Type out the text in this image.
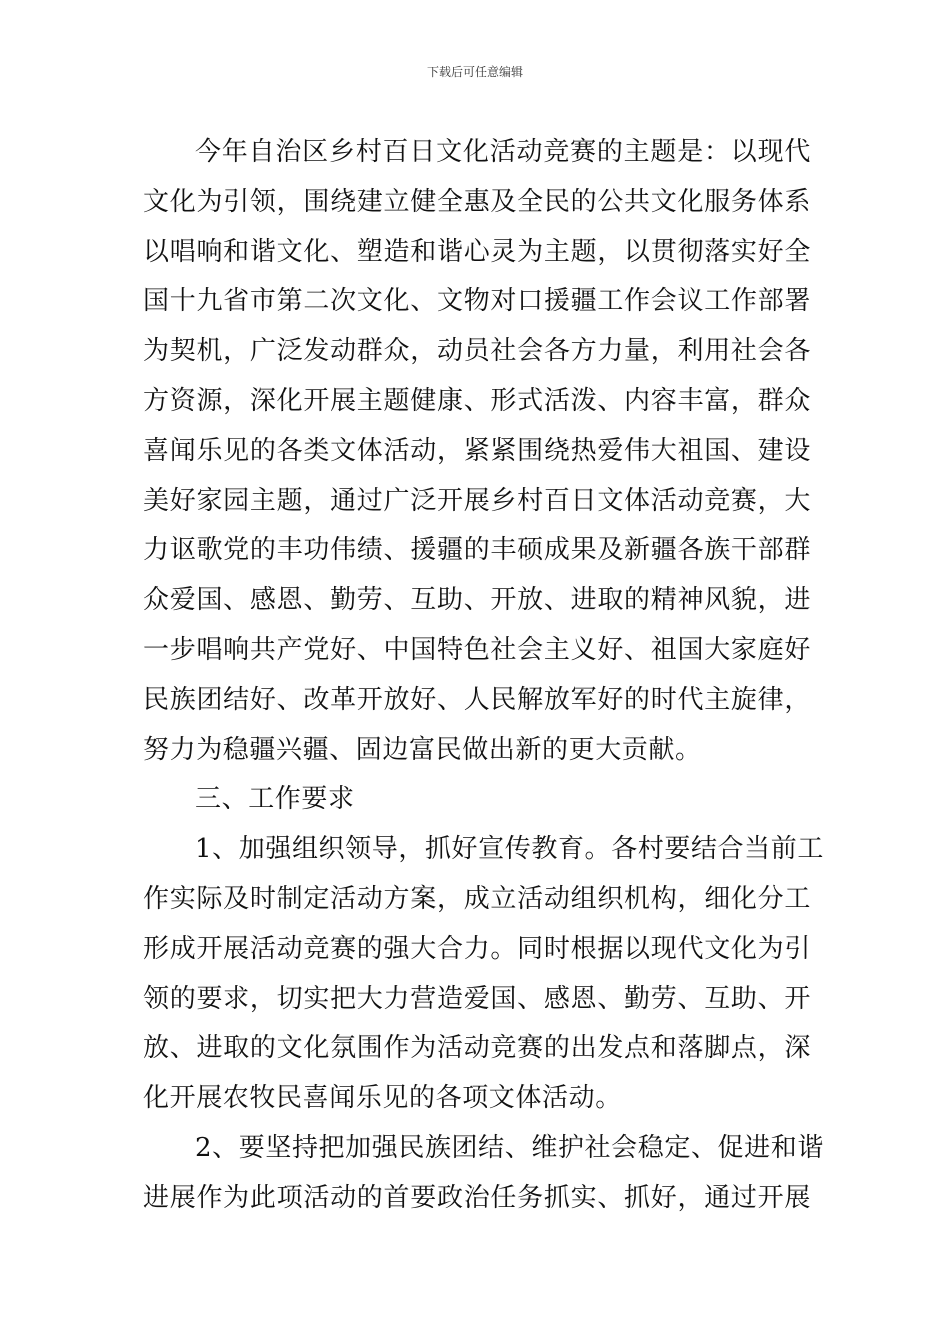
下载后可任意编辑
今年自治区乡村百日文化活动竞赛的主题是：以现代
文化为引领，围绕建立健全惠及全民的公共文化服务体系
以唱响和谐文化、塑造和谐心灵为主题，以贯彻落实好全
国十九省市第二次文化、文物对口援疆工作会议工作部署
为契机，广泛发动群众，动员社会各方力量，利用社会各
方资源，深化开展主题健康、形式活泼、内容丰富，群众
喜闻乐见的各类文体活动，紧紧围绕热爱伟大祖国、建设
美好家园主题，通过广泛开展乡村百日文体活动竞赛，大
力讴歌党的丰功伟绩、援疆的丰硕成果及新疆各族干部群
众爱国、感恩、勤劳、互助、开放、进取的精神风貌，进
一步唱响共产党好、中国特色社会主义好、祖国大家庭好
民族团结好、改革开放好、人民解放军好的时代主旋律，
努力为稳疆兴疆、固边富民做出新的更大贡献。
三、工作要求
1、加强组织领导，抓好宣传教育。各村要结合当前工
作实际及时制定活动方案，成立活动组织机构，细化分工
形成开展活动竞赛的强大合力。同时根据以现代文化为引
领的要求，切实把大力营造爱国、感恩、勤劳、互助、开
放、进取的文化氛围作为活动竞赛的出发点和落脚点，深
化开展农牧民喜闻乐见的各项文体活动。
2、要坚持把加强民族团结、维护社会稳定、促进和谐
进展作为此项活动的首要政治任务抓实、抓好，通过开展
